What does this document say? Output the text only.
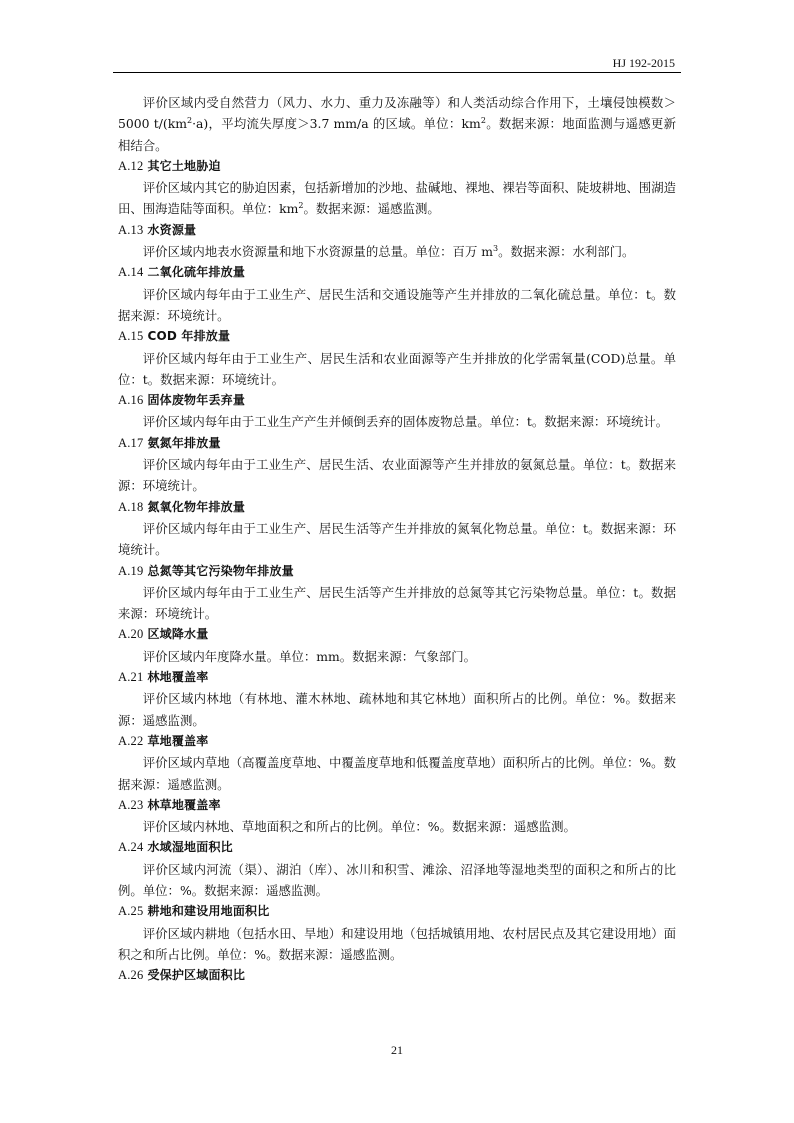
HJ 192-2015

评价区域内受自然营力（风力、水力、重力及冻融等）和人类活动综合作用下，土壤侵蚀模数＞5000 $t/(km^2\cdot a)$，平均流失厚度＞3.7 mm/a 的区域。单位：$km^2$。数据来源：地面监测与遥感更新相结合。

A.12 其它土地胁迫

评价区域内其它的胁迫因素，包括新增加的沙地、盐碱地、裸地、裸岩等面积、陡坡耕地、围湖造田、围海造陆等面积。单位：$km^2$。数据来源：遥感监测。

A.13 水资源量

评价区域内地表水资源量和地下水资源量的总量。单位：百万 $m^3$。数据来源：水利部门。

A.14 二氧化硫年排放量

评价区域内每年由于工业生产、居民生活和交通设施等产生并排放的二氧化硫总量。单位：t。数据来源：环境统计。

A.15 COD 年排放量

评价区域内每年由于工业生产、居民生活和农业面源等产生并排放的化学需氧量(COD)总量。单位：t。数据来源：环境统计。

A.16 固体废物年丢弃量

评价区域内每年由于工业生产产生并倾倒丢弃的固体废物总量。单位：t。数据来源：环境统计。

A.17 氨氮年排放量

评价区域内每年由于工业生产、居民生活、农业面源等产生并排放的氨氮总量。单位：t。数据来源：环境统计。

A.18 氮氧化物年排放量

评价区域内每年由于工业生产、居民生活等产生并排放的氮氧化物总量。单位：t。数据来源：环境统计。

A.19 总氮等其它污染物年排放量

评价区域内每年由于工业生产、居民生活等产生并排放的总氮等其它污染物总量。单位：t。数据来源：环境统计。

A.20 区域降水量

评价区域内年度降水量。单位：mm。数据来源：气象部门。

A.21 林地覆盖率

评价区域内林地（有林地、灌木林地、疏林地和其它林地）面积所占的比例。单位：%。数据来源：遥感监测。

A.22 草地覆盖率

评价区域内草地（高覆盖度草地、中覆盖度草地和低覆盖度草地）面积所占的比例。单位：%。数据来源：遥感监测。

A.23 林草地覆盖率

评价区域内林地、草地面积之和所占的比例。单位：%。数据来源：遥感监测。

A.24 水域湿地面积比

评价区域内河流（渠）、湖泊（库）、冰川和积雪、滩涂、沼泽地等湿地类型的面积之和所占的比例。单位：%。数据来源：遥感监测。

A.25 耕地和建设用地面积比

评价区域内耕地（包括水田、旱地）和建设用地（包括城镇用地、农村居民点及其它建设用地）面积之和所占比例。单位：%。数据来源：遥感监测。

A.26 受保护区域面积比

21
